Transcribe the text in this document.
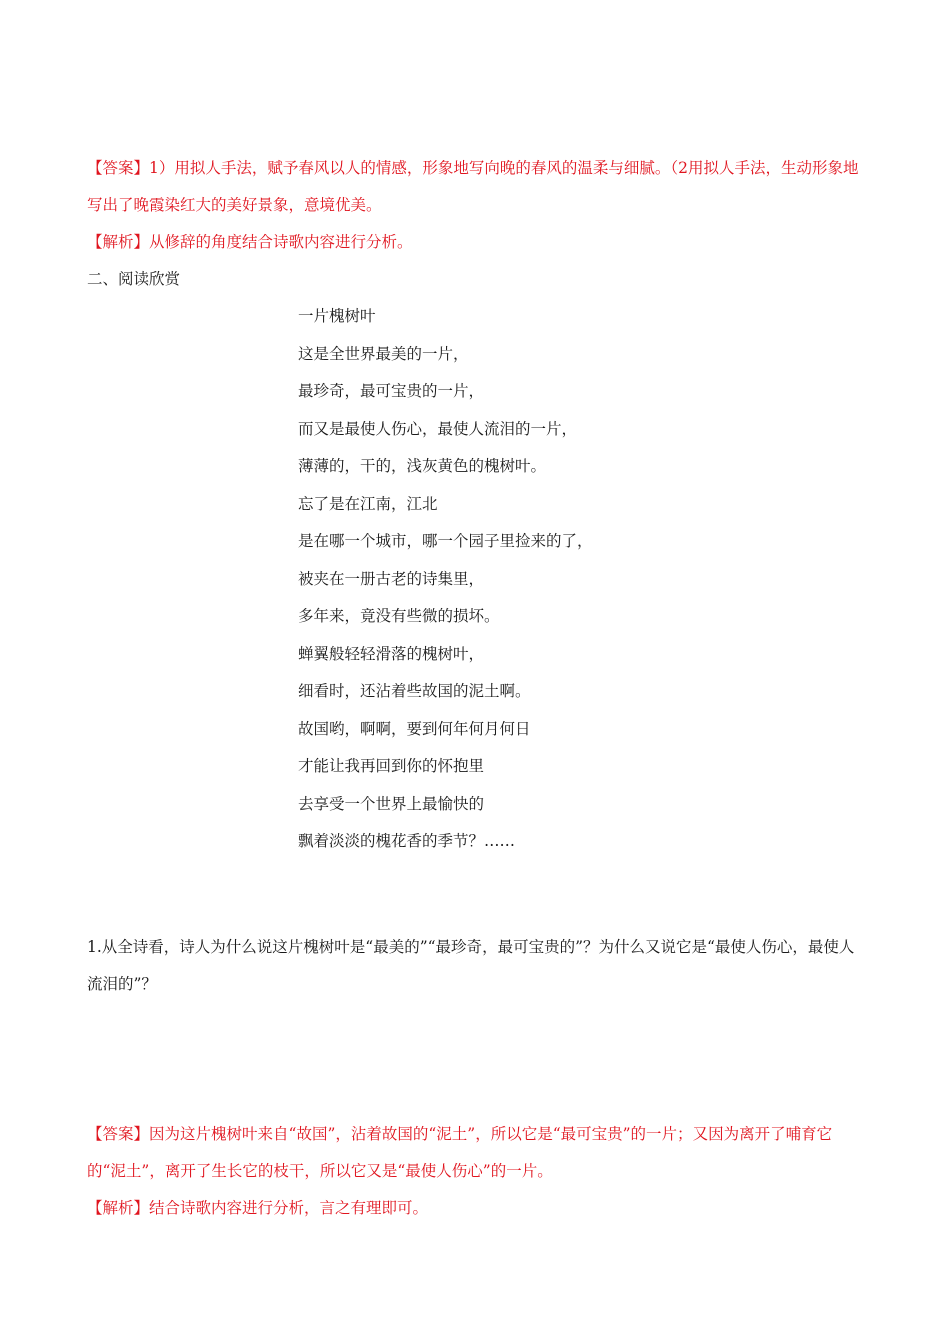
【答案】1）用拟人手法，赋予春风以人的情感，形象地写向晚的春风的温柔与细腻。（2用拟人手法，生动形象地写出了晚霞染红大的美好景象，意境优美。
【解析】从修辞的角度结合诗歌内容进行分析。
二、阅读欣赏
一片槐树叶
这是全世界最美的一片，
最珍奇，最可宝贵的一片，
而又是最使人伤心，最使人流泪的一片，
薄薄的，干的，浅灰黄色的槐树叶。
忘了是在江南，江北
是在哪一个城市，哪一个园子里捡来的了，
被夹在一册古老的诗集里，
多年来，竟没有些微的损坏。
蝉翼般轻轻滑落的槐树叶，
细看时，还沾着些故国的泥土啊。
故国哟，啊啊，要到何年何月何日
才能让我再回到你的怀抱里
去享受一个世界上最愉快的
飘着淡淡的槐花香的季节？……
1.从全诗看，诗人为什么说这片槐树叶是“最美的”“最珍奇，最可宝贵的”？为什么又说它是“最使人伤心，最使人流泪的”？
【答案】因为这片槐树叶来自“故国”，沾着故国的“泥土”，所以它是“最可宝贵”的一片；又因为离开了哺育它的“泥土”，离开了生长它的枝干，所以它又是“最使人伤心”的一片。
【解析】结合诗歌内容进行分析，言之有理即可。
